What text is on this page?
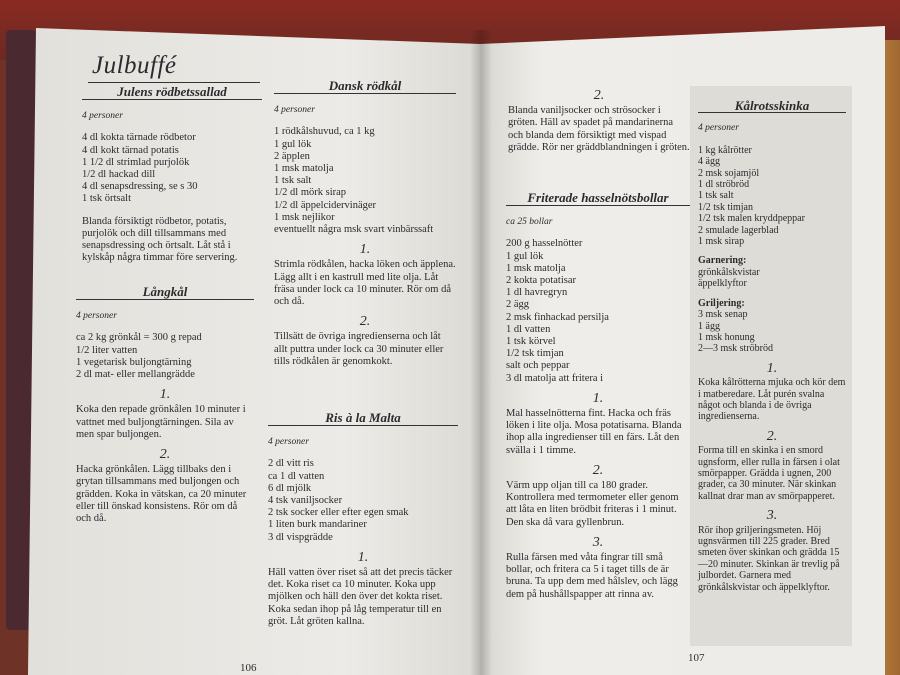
Julbuffé
Julens rödbetssallad
4 personer

4 dl kokta tärnade rödbetor

4 dl kokt tärnad potatis

1 1/2 dl strimlad purjolök

1/2 dl hackad dill

4 dl senapsdressing, se s 30

1 tsk örtsalt

Blanda försiktigt rödbetor, potatis, purjolök och dill tillsammans med senapsdressing och örtsalt. Låt stå i kylskåp några timmar före servering.

Långkål
4 personer

ca 2 kg grönkål = 300 g repad

1/2 liter vatten

1 vegetarisk buljongtärning

2 dl mat- eller mellangrädde

1.

Koka den repade grönkålen 10 minuter i vattnet med buljongtärningen. Sila av men spar buljongen.

2.

Hacka grönkålen. Lägg tillbaks den i grytan tillsammans med buljongen och grädden. Koka in vätskan, ca 20 minuter eller till önskad konsistens. Rör om då och då.

Dansk rödkål
4 personer

1 rödkålshuvud, ca 1 kg

1 gul lök

2 äpplen

1 msk matolja

1 tsk salt

1/2 dl mörk sirap

1/2 dl äppelcidervinäger

1 msk nejlikor

eventuellt några msk svart vinbärssaft

1.

Strimla rödkålen, hacka löken och äpplena. Lägg allt i en kastrull med lite olja. Låt fräsa under lock ca 10 minuter. Rör om då och då.

2.

Tillsätt de övriga ingredienserna och låt allt puttra under lock ca 30 minuter eller tills rödkålen är genomkokt.

Ris à la Malta
4 personer

2 dl vitt ris

ca 1 dl vatten

6 dl mjölk

4 tsk vaniljsocker

2 tsk socker eller efter egen smak

1 liten burk mandariner

3 dl vispgrädde

1.

Häll vatten över riset så att det precis täcker det. Koka riset ca 10 minuter. Koka upp mjölken och häll den över det kokta riset. Koka sedan ihop på låg temperatur till en gröt. Låt gröten kallna.

106
2.

Blanda vaniljsocker och strösocker i gröten. Häll av spadet på mandarinerna och blanda dem försiktigt med vispad grädde. Rör ner gräddblandningen i gröten.

Friterade hasselnötsbollar
ca 25 bollar

200 g hasselnötter

1 gul lök

1 msk matolja

2 kokta potatisar

1 dl havregryn

2 ägg

2 msk finhackad persilja

1 dl vatten

1 tsk körvel

1/2 tsk timjan

salt och peppar

3 dl matolja att fritera i

1.

Mal hasselnötterna fint. Hacka och fräs löken i lite olja. Mosa potatisarna. Blanda ihop alla ingredienser till en färs. Låt den svälla i 1 timme.

2.

Värm upp oljan till ca 180 grader. Kontrollera med termometer eller genom att låta en liten brödbit friteras i 1 minut. Den ska då vara gyllenbrun.

3.

Rulla färsen med våta fingrar till små bollar, och fritera ca 5 i taget tills de är bruna. Ta upp dem med hålslev, och lägg dem på hushållspapper att rinna av.

Kålrotsskinka
4 personer

1 kg kålrötter

4 ägg

2 msk sojamjöl

1 dl ströbröd

1 tsk salt

1/2 tsk timjan

1/2 tsk malen kryddpeppar

2 smulade lagerblad

1 msk sirap

Garnering:

grönkålskvistar

äppelklyftor

Griljering:

3 msk senap

1 ägg

1 msk honung

2—3 msk ströbröd

1.

Koka kålrötterna mjuka och kör dem i matberedare. Låt purén svalna något och blanda i de övriga ingredienserna.

2.

Forma till en skinka i en smord ugnsform, eller rulla in färsen i olat smörpapper. Grädda i ugnen, 200 grader, ca 30 minuter. När skinkan kallnat drar man av smörpapperet.

3.

Rör ihop griljeringsmeten. Höj ugnsvärmen till 225 grader. Bred smeten över skinkan och grädda 15—20 minuter. Skinkan är trevlig på julbordet. Garnera med grönkålskvistar och äppelklyftor.

107
